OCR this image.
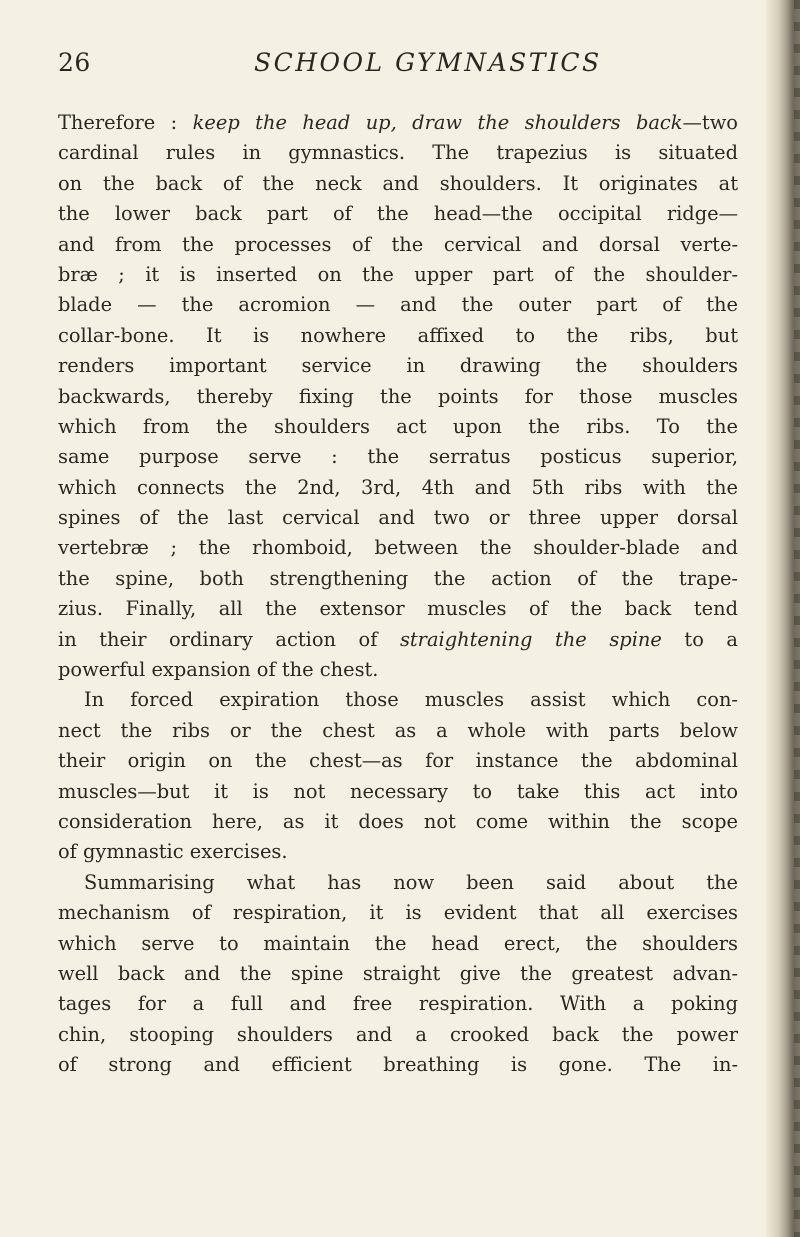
26	SCHOOL GYMNASTICS
Therefore : keep the head up, draw the shoulders back—two
cardinal rules in gymnastics. The trapezius is situated
on the back of the neck and shoulders. It originates at
the lower back part of the head—the occipital ridge—
and from the processes of the cervical and dorsal verte-
bræ ; it is inserted on the upper part of the shoulder-
blade — the acromion — and the outer part of the
collar-bone. It is nowhere affixed to the ribs, but
renders important service in drawing the shoulders
backwards, thereby fixing the points for those muscles
which from the shoulders act upon the ribs. To the
same purpose serve : the serratus posticus superior,
which connects the 2nd, 3rd, 4th and 5th ribs with the
spines of the last cervical and two or three upper dorsal
vertebræ ; the rhomboid, between the shoulder-blade and
the spine, both strengthening the action of the trape-
zius. Finally, all the extensor muscles of the back tend
in their ordinary action of straightening the spine to a
powerful expansion of the chest.
In forced expiration those muscles assist which con-
nect the ribs or the chest as a whole with parts below
their origin on the chest—as for instance the abdominal
muscles—but it is not necessary to take this act into
consideration here, as it does not come within the scope
of gymnastic exercises.
Summarising what has now been said about the
mechanism of respiration, it is evident that all exercises
which serve to maintain the head erect, the shoulders
well back and the spine straight give the greatest advan-
tages for a full and free respiration. With a poking
chin, stooping shoulders and a crooked back the power
of strong and efficient breathing is gone. The in-
